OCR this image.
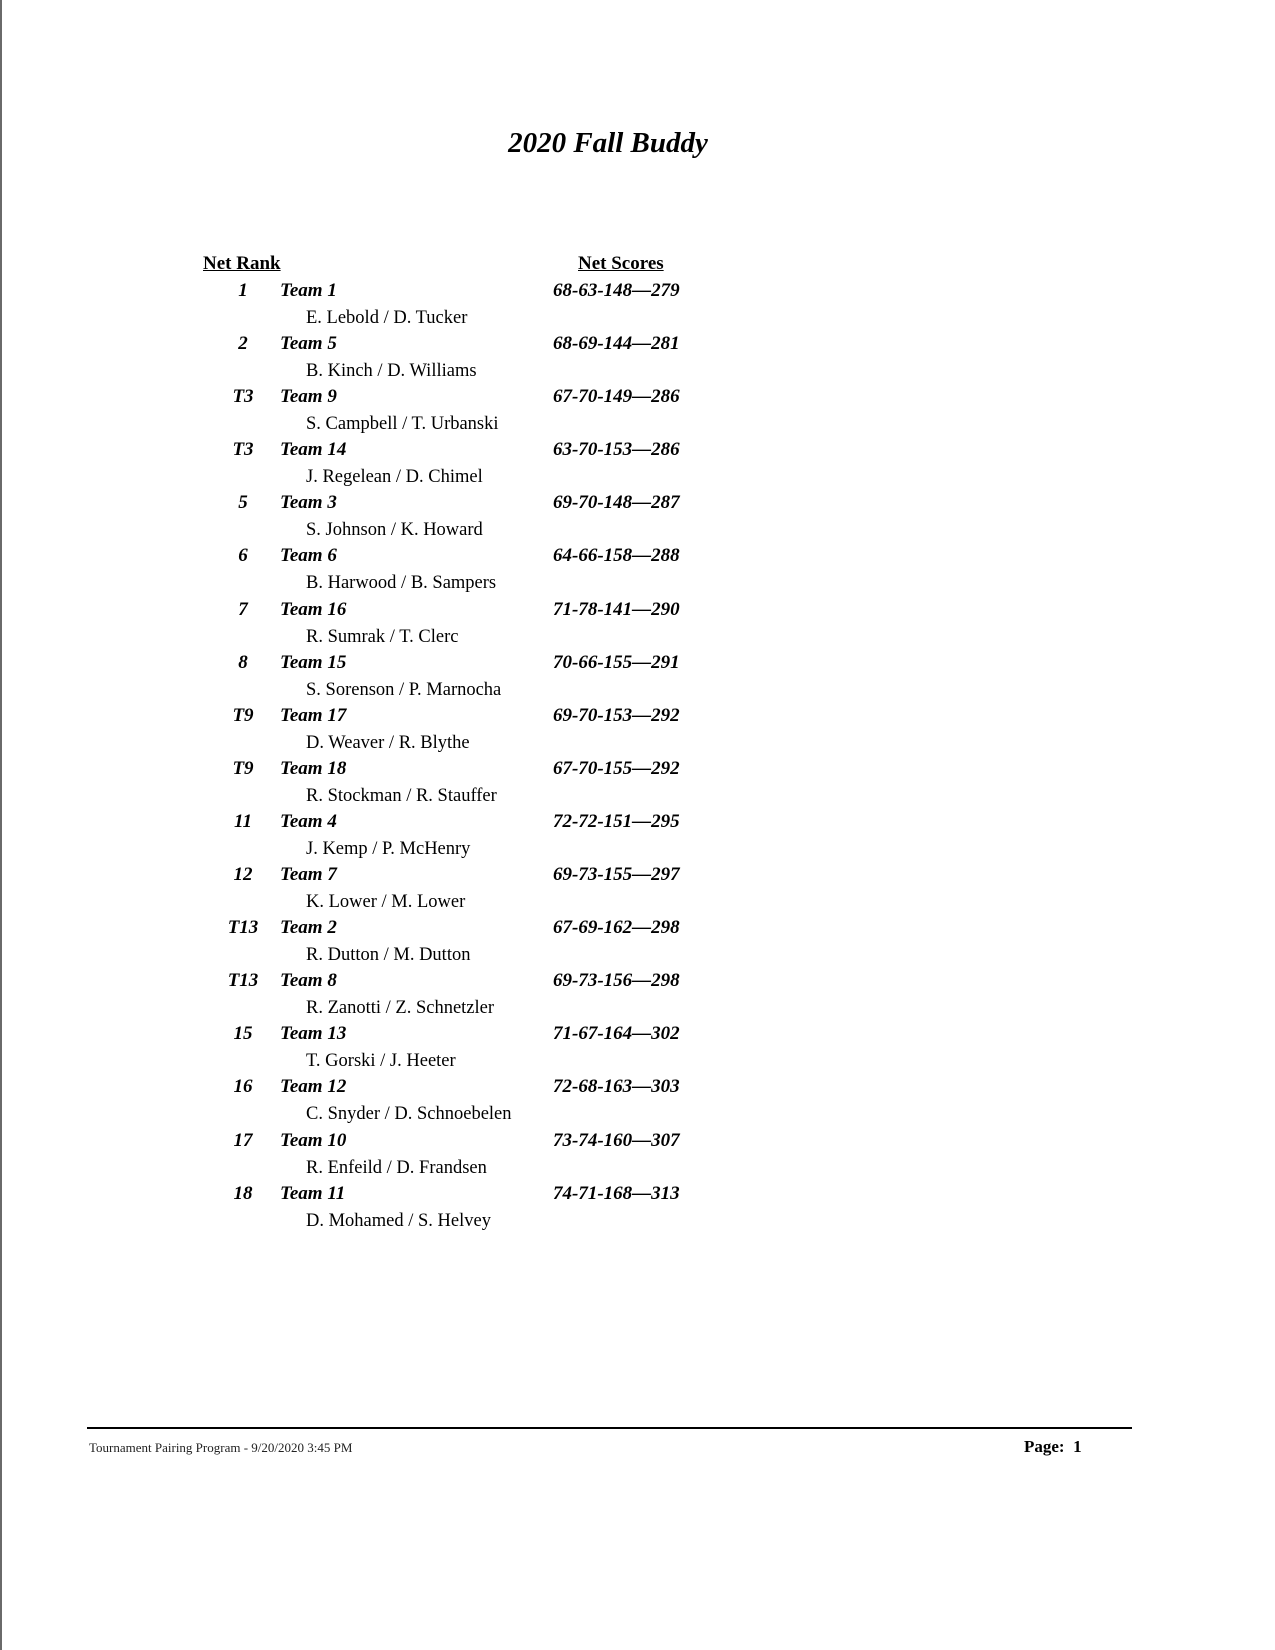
2020 Fall Buddy
Net Rank	Net Scores
1	Team 1	68-63-148—279
E. Lebold / D. Tucker
2	Team 5	68-69-144—281
B. Kinch / D. Williams
T3	Team 9	67-70-149—286
S. Campbell / T. Urbanski
T3	Team 14	63-70-153—286
J. Regelean / D. Chimel
5	Team 3	69-70-148—287
S. Johnson / K. Howard
6	Team 6	64-66-158—288
B. Harwood / B. Sampers
7	Team 16	71-78-141—290
R. Sumrak / T. Clerc
8	Team 15	70-66-155—291
S. Sorenson / P. Marnocha
T9	Team 17	69-70-153—292
D. Weaver / R. Blythe
T9	Team 18	67-70-155—292
R. Stockman / R. Stauffer
11	Team 4	72-72-151—295
J. Kemp / P. McHenry
12	Team 7	69-73-155—297
K. Lower / M. Lower
T13 Team 2	67-69-162—298
R. Dutton / M. Dutton
T13 Team 8	69-73-156—298
R. Zanotti / Z. Schnetzler
15	Team 13	71-67-164—302
T. Gorski / J. Heeter
16	Team 12	72-68-163—303
C. Snyder / D. Schnoebelen
17	Team 10	73-74-160—307
R. Enfeild / D. Frandsen
18	Team 11	74-71-168—313
D. Mohamed / S. Helvey
Tournament Pairing Program - 9/20/2020 3:45 PM	Page: 1
